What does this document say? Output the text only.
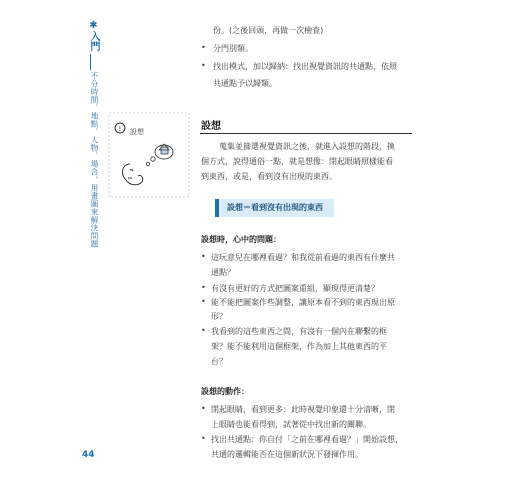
✱入門
不分時間、地點、人物、場合，用畫圖來解決問題
44
份。(之後回頭，再做一次檢查)
• 分門別類。
• 找出模式，加以歸納：找出視覺資訊的共通點，依照
共通點予以歸類。
! 設想	設想
蒐集並篩選視覺資訊之後，就進入設想的階段，換
個方式，說得通俗一點，就是想像：閉起眼睛照樣能看
到東西，或是，看到沒有出現的東西。
設想＝看到沒有出現的東西
設想時，心中的問題：
• 這玩意兒在哪裡看過？和我從前看過的東西有什麼共
通點？
• 有沒有更好的方式把圖案重組，顯現得更清楚？
• 能不能把圖案作些調整，讓原本看不到的東西現出原
形？
• 我看到的這些東西之間，有沒有一個內在聯繫的框
架？能不能利用這個框架，作為加上其他東西的平
台？
設想的動作：
• 閉起眼睛，看到更多：此時視覺印象還十分清晰，閉
上眼睛也能看得到，試著從中找出新的關聯。
• 找出共通點：你自付「之前在哪裡看過？」開始設想，
共通的邏輯能否在這個新狀況下發揮作用。
